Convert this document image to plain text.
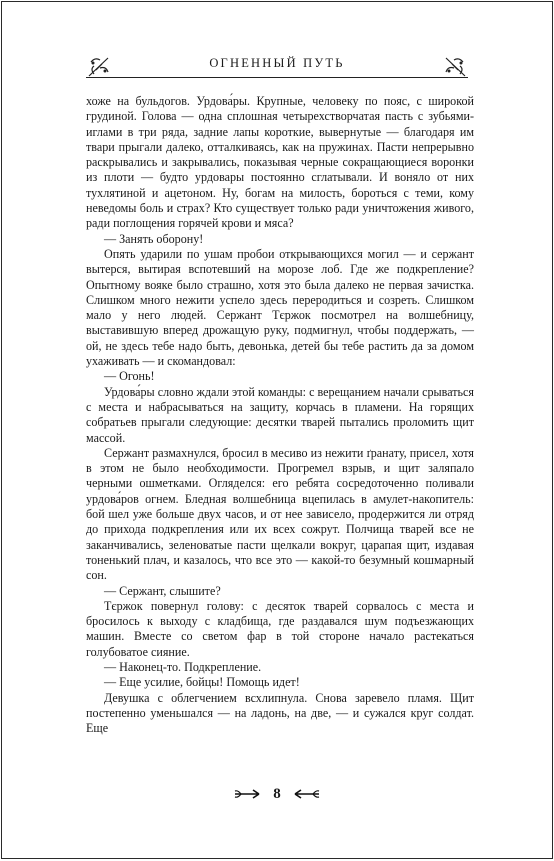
ОГНЕННЫЙ ПУТЬ

хоже на бульдогов. Урдова́ры. Крупные, человеку по пояс, с широкой грудиной. Голова — одна сплошная четырехстворчатая пасть с зубьями-иглами в три ряда, задние лапы короткие, вывернутые — благодаря им твари прыгали далеко, отталкиваясь, как на пружинах. Пасти непрерывно раскрывались и закрывались, показывая черные сокращающиеся воронки из плоти — будто урдовары постоянно сглатывали. И воняло от них тухлятиной и ацетоном. Ну, богам на милость, бороться с теми, кому неведомы боль и страх? Кто существует только ради уничтожения живого, ради поглощения горячей крови и мяса?

— Занять оборону!

Опять ударили по ушам пробои открывающихся могил — и сержант вытерся, вытирая вспотевший на морозе лоб. Где же подкрепление? Опытному вояке было страшно, хотя это была далеко не первая зачистка. Слишком много нежити успело здесь переродиться и созреть. Слишком мало у него людей. Сержант Тєржок посмотрел на волшебницу, выставившую вперед дрожащую руку, подмигнул, чтобы поддержать, — ой, не здесь тебе надо быть, девонька, детей бы тебе растить да за домом ухаживать — и скомандовал:

— Огонь!

Урдова́ры словно ждали этой команды: с верещанием начали срываться с места и набрасываться на защиту, корчась в пламени. На горящих собратьев прыгали следующие: десятки тварей пытались проломить щит массой.

Сержант размахнулся, бросил в месиво из нежити ґранату, присел, хотя в этом не было необходимости. Прогремел взрыв, и щит заляпало черными ошметками. Огляделся: его ребята сосредоточенно поливали урдова́ров огнем. Бледная волшебница вцепилась в амулет-накопитель: бой шел уже больше двух часов, и от нее зависело, продержится ли отряд до прихода подкрепления или их всех сожрут. Полчища тварей все не заканчивались, зеленоватые пасти щелкали вокруг, царапая щит, издавая тоненький плач, и казалось, что все это — какой-то безумный кошмарный сон.

— Сержант, слышите?

Тєржок повернул голову: с десяток тварей сорвалось с места и бросилось к выходу с кладбища, где раздавался шум подъезжающих машин. Вместе со светом фар в той стороне начало растекаться голубоватое сияние.

— Наконец-то. Подкрепление.

— Еще усилие, бойцы! Помощь идет!

Девушка с облегчением всхлипнула. Снова заревело пламя. Щит постепенно уменьшался — на ладонь, на две, — и сужался круг солдат. Еще

8
